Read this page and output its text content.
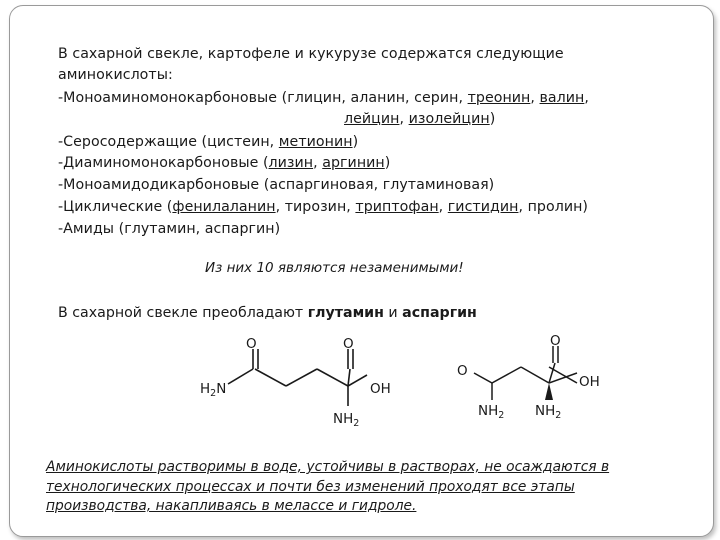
В сахарной свекле, картофеле и кукурузе содержатся следующие
аминокислоты:
-Моноаминомонокарбоновые (глицин, аланин, серин, треонин, валин,
лейцин, изолейцин)
-Серосодержащие (цистеин, метионин)
-Диаминомонокарбоновые (лизин, аргинин)
-Моноамидодикарбоновые (аспаргиновая, глутаминовая)
-Циклические (фенилаланин, тирозин, триптофан, гистидин, пролин)
-Амиды (глутамин, аспаргин)
Из них 10 являются незаменимыми!
В сахарной свекле преобладают глутамин и аспаргин
O	O
$H_2N$	OH
$NH_2$
O
O
OH
$NH_2$ $NH_2$
Аминокислоты растворимы в воде, устойчивы в растворах, не осаждаются в
технологических процессах и почти без изменений проходят все этапы
производства, накапливаясь в мелассе и гидроле.
